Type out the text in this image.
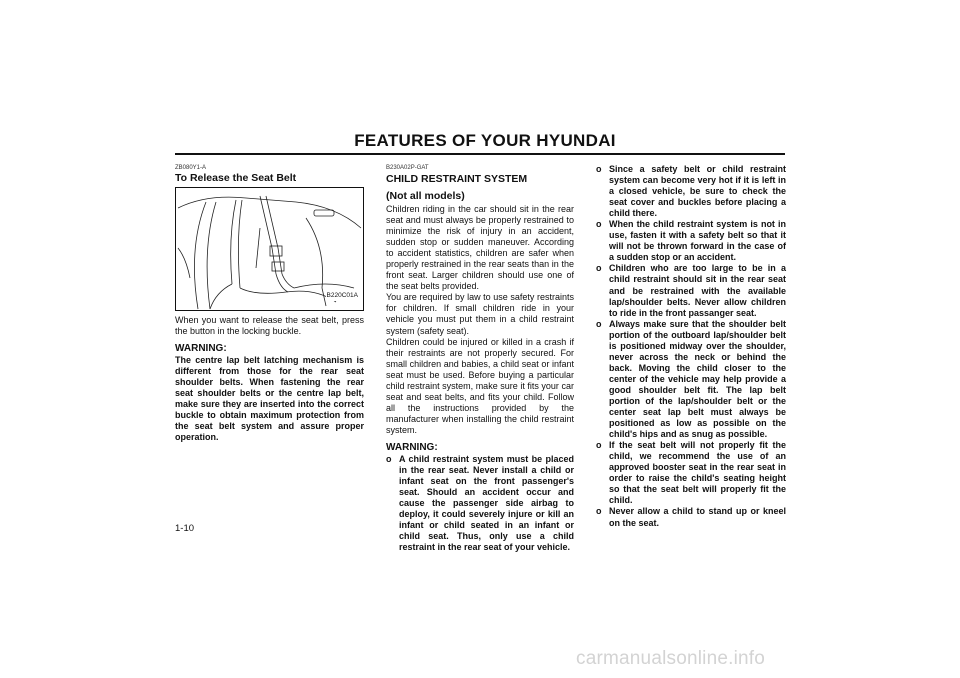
FEATURES OF YOUR HYUNDAI
ZB080Y1-A
To Release the Seat Belt
B220C01A

When you want to release the seat belt, press the button in the locking buckle.

WARNING:

The centre lap belt latching mechanism is different from those for the rear seat shoulder belts. When fastening the rear seat shoulder belts or the centre lap belt, make sure they are inserted into the correct buckle to obtain maximum protection from the seat belt system and assure proper operation.

B230A02P-GAT
CHILD RESTRAINT SYSTEM
(Not all models)

Children riding in the car should sit in the rear seat and must always be properly restrained to minimize the risk of injury in an accident, sudden stop or sudden maneuver. According to accident statistics, children are safer when properly restrained in the rear seats than in the front seat. Larger children should use one of the seat belts provided.

You are required by law to use safety restraints for children. If small children ride in your vehicle you must put them in a child restraint system (safety seat).

Children could be injured or killed in a crash if their restraints are not properly secured. For small children and babies, a child seat or infant seat must be used. Before buying a particular child restraint system, make sure it fits your car seat and seat belts, and fits your child. Follow all the instructions provided by the manufacturer when installing the child restraint system.

WARNING:
o A child restraint system must be placed in the rear seat. Never install a child or infant seat on the front passenger's seat. Should an accident occur and cause the passenger side airbag to deploy, it could severely injure or kill an infant or child seated in an infant or child seat. Thus, only use a child restraint in the rear seat of your vehicle.
o Since a safety belt or child restraint system can become very hot if it is left in a closed vehicle, be sure to check the seat cover and buckles before placing a child there.
o When the child restraint system is not in use, fasten it with a safety belt so that it will not be thrown forward in the case of a sudden stop or an accident.
o Children who are too large to be in a child restraint should sit in the rear seat and be restrained with the available lap/shoulder belts. Never allow children to ride in the front passanger seat.
o Always make sure that the shoulder belt portion of the outboard lap/shoulder belt is positioned midway over the shoulder, never across the neck or behind the back. Moving the child closer to the center of the vehicle may help provide a good shoulder belt fit. The lap belt portion of the lap/shoulder belt or the center seat lap belt must always be positioned as low as possible on the child's hips and as snug as possible.
o If the seat belt will not properly fit the child, we recommend the use of an approved booster seat in the rear seat in order to raise the child's seating height so that the seat belt will properly fit the child.
o Never allow a child to stand up or kneel on the seat.
1-10
carmanualsonline.info
